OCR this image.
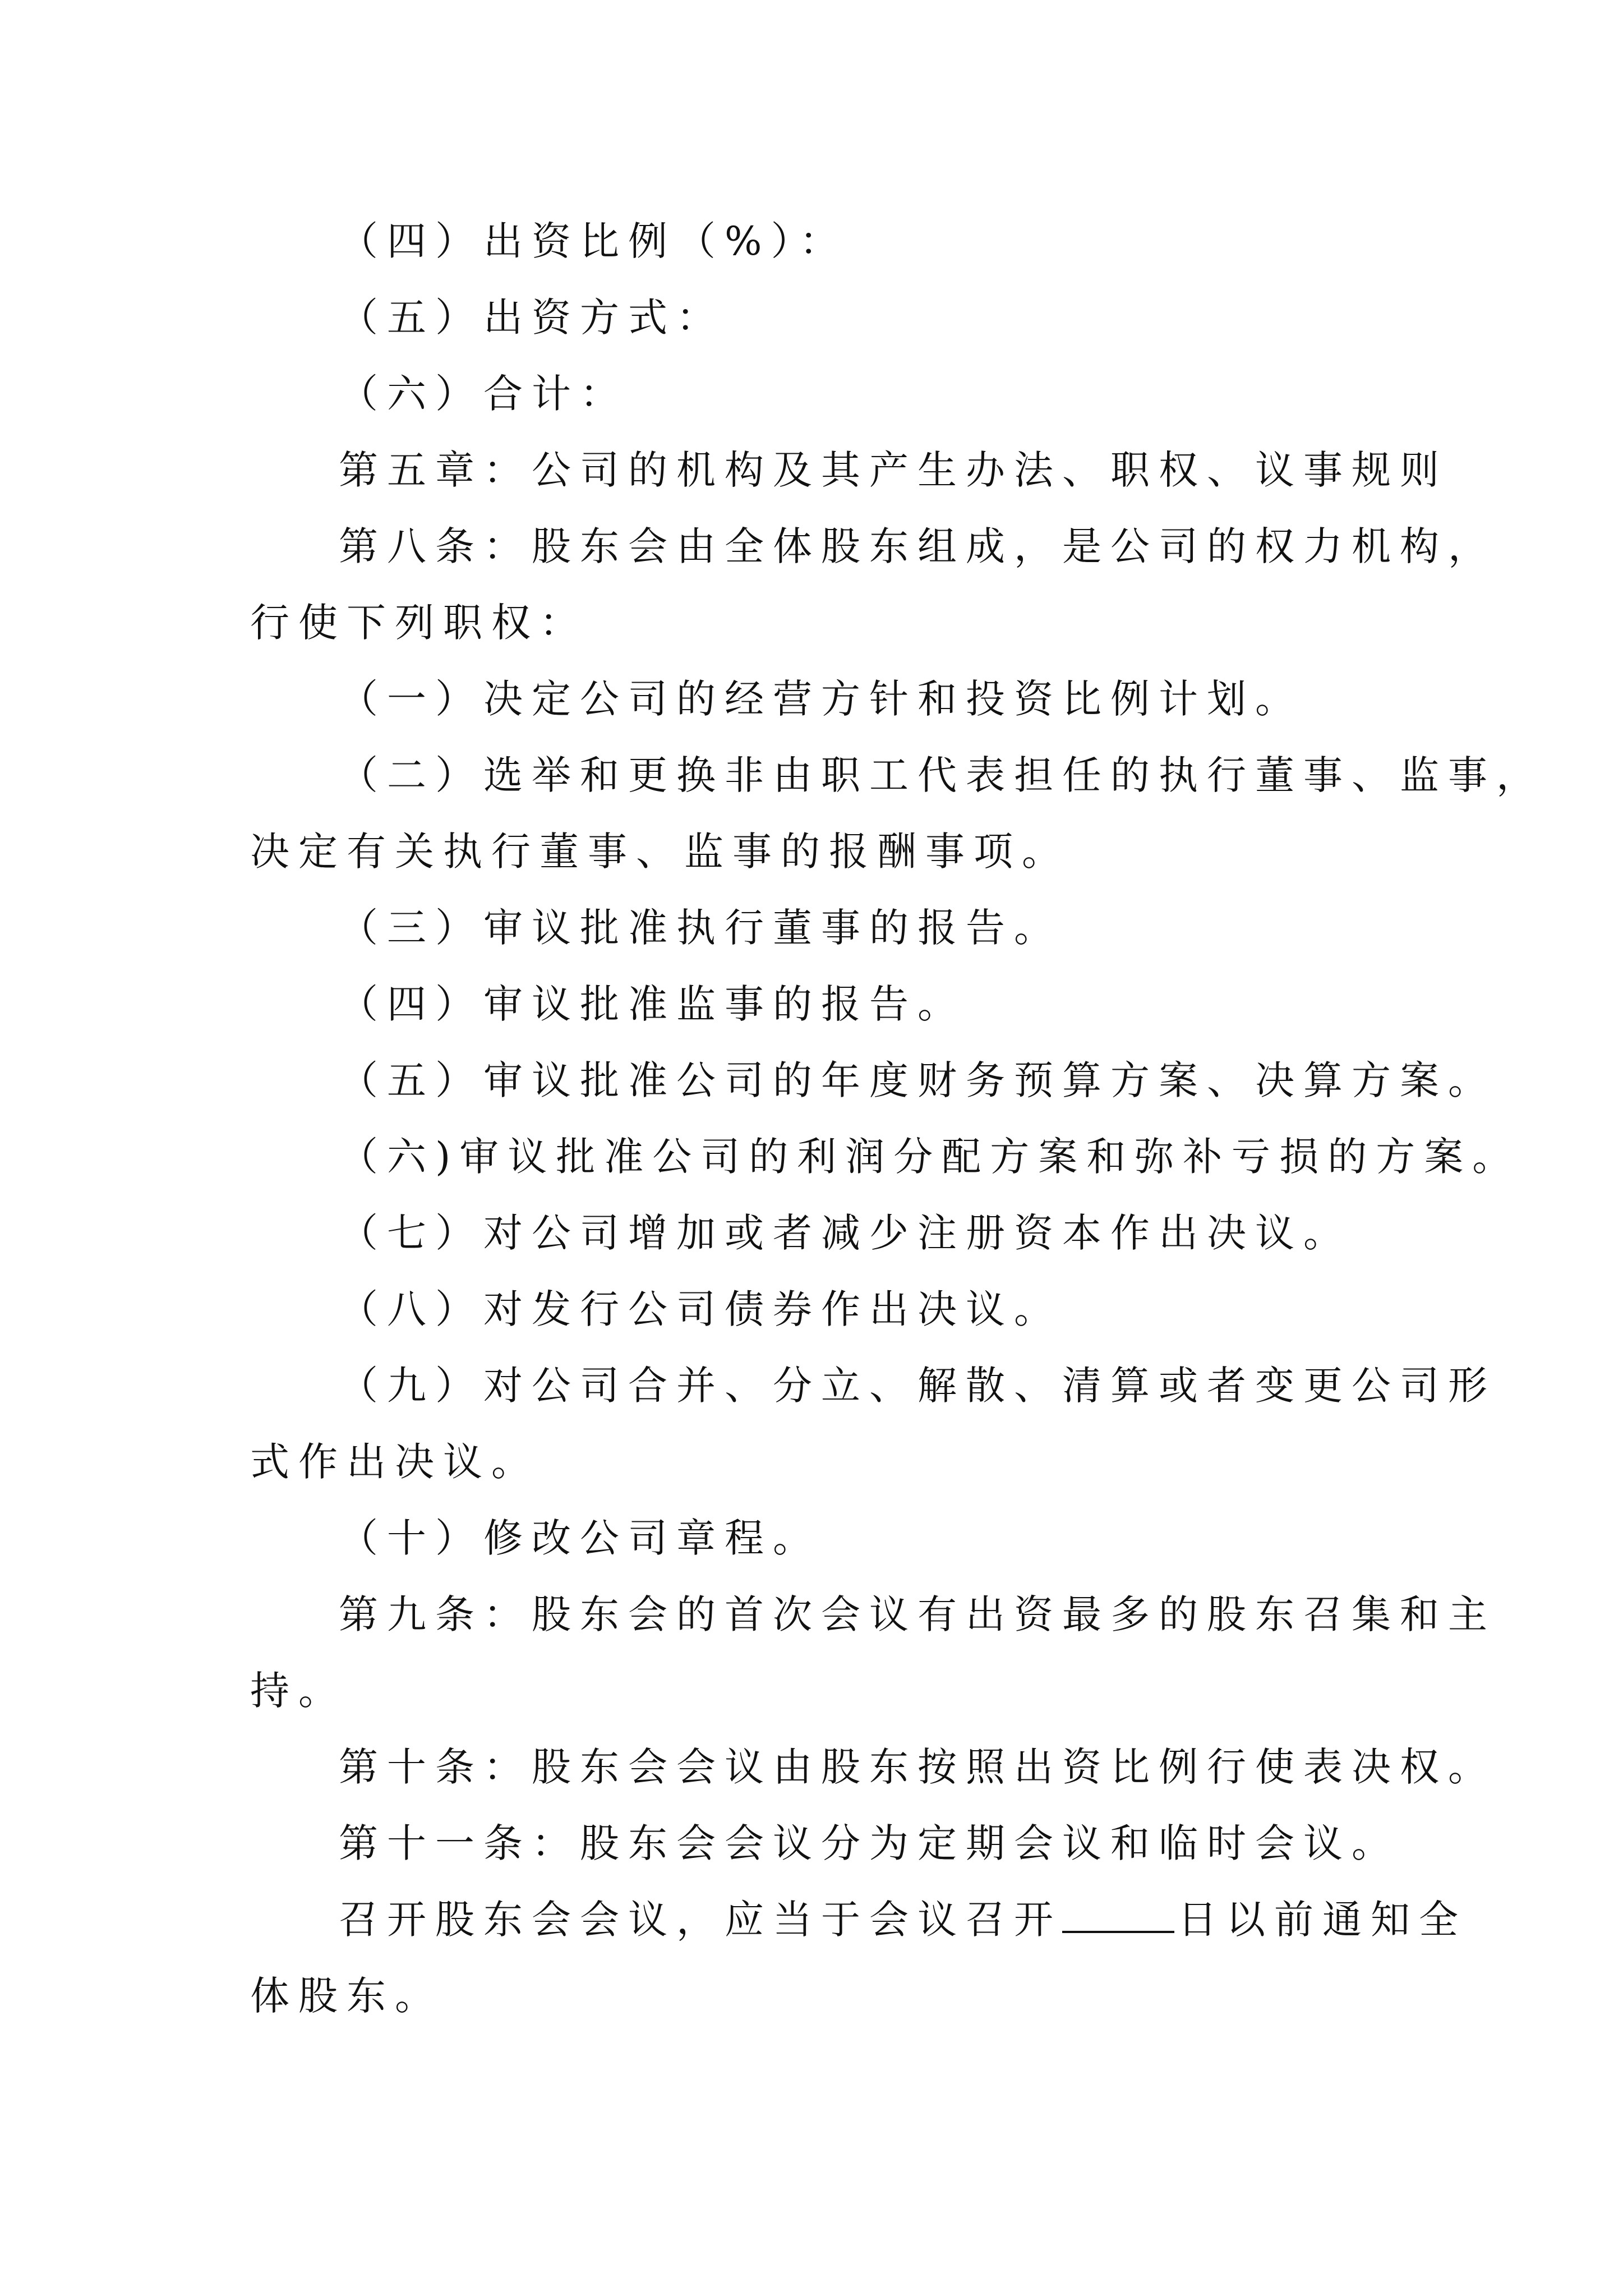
（四）出资比例（%）：
（五）出资方式：
（六）合计：
第五章：公司的机构及其产生办法、职权、议事规则
第八条：股东会由全体股东组成，是公司的权力机构，
行使下列职权：
（一）决定公司的经营方针和投资比例计划。
（二）选举和更换非由职工代表担任的执行董事、监事，
决定有关执行董事、监事的报酬事项。
（三）审议批准执行董事的报告。
（四）审议批准监事的报告。
（五）审议批准公司的年度财务预算方案、决算方案。
（六)审议批准公司的利润分配方案和弥补亏损的方案。
（七）对公司增加或者减少注册资本作出决议。
（八）对发行公司债券作出决议。
（九）对公司合并、分立、解散、清算或者变更公司形
式作出决议。
（十）修改公司章程。
第九条：股东会的首次会议有出资最多的股东召集和主
持。
第十条：股东会会议由股东按照出资比例行使表决权。
第十一条：股东会会议分为定期会议和临时会议。
召开股东会会议，应当于会议召开	日以前通知全
体股东。
